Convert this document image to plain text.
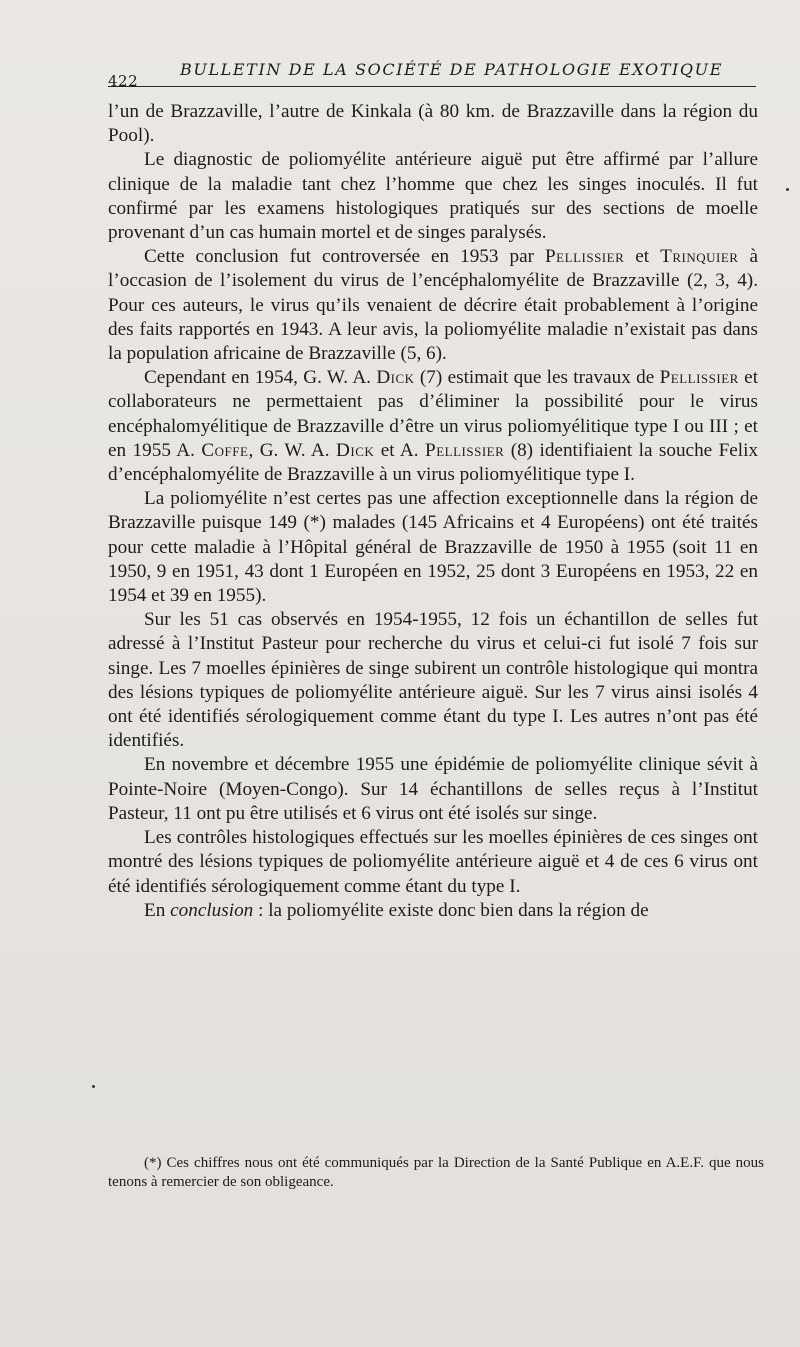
422
BULLETIN DE LA SOCIÉTÉ DE PATHOLOGIE EXOTIQUE

l’un de Brazzaville, l’autre de Kinkala (à 80 km. de Brazzaville dans la région du Pool).

Le diagnostic de poliomyélite antérieure aiguë put être affirmé par l’allure clinique de la maladie tant chez l’homme que chez les singes inoculés. Il fut confirmé par les examens histologiques pratiqués sur des sections de moelle provenant d’un cas humain mortel et de singes paralysés.

Cette conclusion fut controversée en 1953 par Pellissier et Trinquier à l’occasion de l’isolement du virus de l’encéphalomyélite de Brazzaville (2, 3, 4). Pour ces auteurs, le virus qu’ils venaient de décrire était probablement à l’origine des faits rapportés en 1943. A leur avis, la poliomyélite maladie n’existait pas dans la population africaine de Brazzaville (5, 6).

Cependant en 1954, G. W. A. Dick (7) estimait que les travaux de Pellissier et collaborateurs ne permettaient pas d’éliminer la possibilité pour le virus encéphalomyélitique de Brazzaville d’être un virus poliomyélitique type I ou III ; et en 1955 A. Coffe, G. W. A. Dick et A. Pellissier (8) identifiaient la souche Felix d’encéphalomyélite de Brazzaville à un virus poliomyélitique type I.

La poliomyélite n’est certes pas une affection exceptionnelle dans la région de Brazzaville puisque 149 (*) malades (145 Africains et 4 Européens) ont été traités pour cette maladie à l’Hôpital général de Brazzaville de 1950 à 1955 (soit 11 en 1950, 9 en 1951, 43 dont 1 Européen en 1952, 25 dont 3 Européens en 1953, 22 en 1954 et 39 en 1955).

Sur les 51 cas observés en 1954-1955, 12 fois un échantillon de selles fut adressé à l’Institut Pasteur pour recherche du virus et celui-ci fut isolé 7 fois sur singe. Les 7 moelles épinières de singe subirent un contrôle histologique qui montra des lésions typiques de poliomyélite antérieure aiguë. Sur les 7 virus ainsi isolés 4 ont été identifiés sérologiquement comme étant du type I. Les autres n’ont pas été identifiés.

En novembre et décembre 1955 une épidémie de poliomyélite clinique sévit à Pointe-Noire (Moyen-Congo). Sur 14 échantillons de selles reçus à l’Institut Pasteur, 11 ont pu être utilisés et 6 virus ont été isolés sur singe.

Les contrôles histologiques effectués sur les moelles épinières de ces singes ont montré des lésions typiques de poliomyélite antérieure aiguë et 4 de ces 6 virus ont été identifiés sérologiquement comme étant du type I.

En conclusion : la poliomyélite existe donc bien dans la région de

(*) Ces chiffres nous ont été communiqués par la Direction de la Santé Publique en A.E.F. que nous tenons à remercier de son obligeance.
